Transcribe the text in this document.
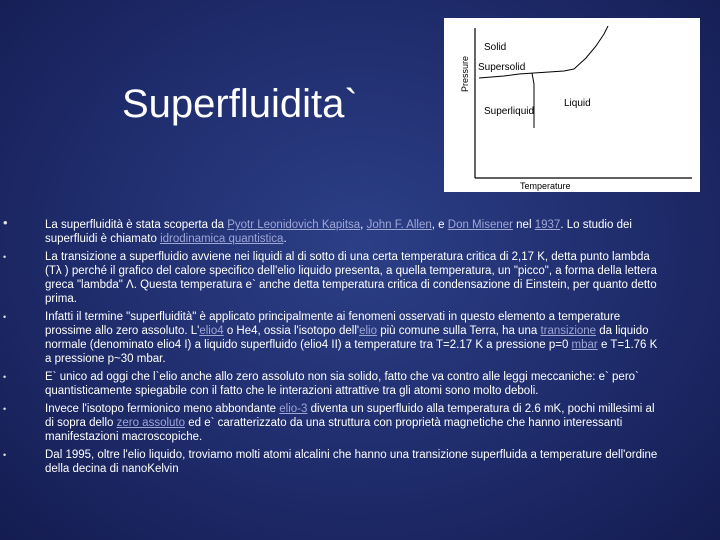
Superfluidita`
Solid
Supersolid
Liquid
Superliquid
Pressure
Temperature
•	La superfluidità è stata scoperta da Pyotr Leonidovich Kapitsa, John F. Allen, e Don Misener nel 1937. Lo studio dei superfluidi è chiamato idrodinamica quantistica.
•	La transizione a superfluidio avviene nei liquidi al di sotto di una certa temperatura critica di 2,17 K, detta punto lambda (Tλ ) perché il grafico del calore specifico dell'elio liquido presenta, a quella temperatura, un "picco", a forma della lettera greca "lambda" Λ. Questa temperatura e` anche detta temperatura critica di condensazione di Einstein, per quanto detto prima.
•	Infatti il termine "superfluidità" è applicato principalmente ai fenomeni osservati in questo elemento a temperature prossime allo zero assoluto. L'elio4 o He4, ossia l'isotopo dell'elio più comune sulla Terra, ha una transizione da liquido normale (denominato elio4 I) a liquido superfluido (elio4 II) a temperature tra T=2.17 K a pressione p=0 mbar e T=1.76 K a pressione p~30 mbar.
•	E` unico ad oggi che l`elio anche allo zero assoluto non sia solido, fatto che va contro alle leggi meccaniche: e` pero` quantisticamente spiegabile con il fatto che le interazioni attrattive tra gli atomi sono molto deboli.
•	Invece l'isotopo fermionico meno abbondante elio-3 diventa un superfluido alla temperatura di 2.6 mK, pochi millesimi al di sopra dello zero assoluto ed e` caratterizzato da una struttura con proprietà magnetiche che hanno interessanti manifestazioni macroscopiche.
•	Dal 1995, oltre l'elio liquido, troviamo molti atomi alcalini che hanno una transizione superfluida a temperature dell'ordine della decina di nanoKelvin
